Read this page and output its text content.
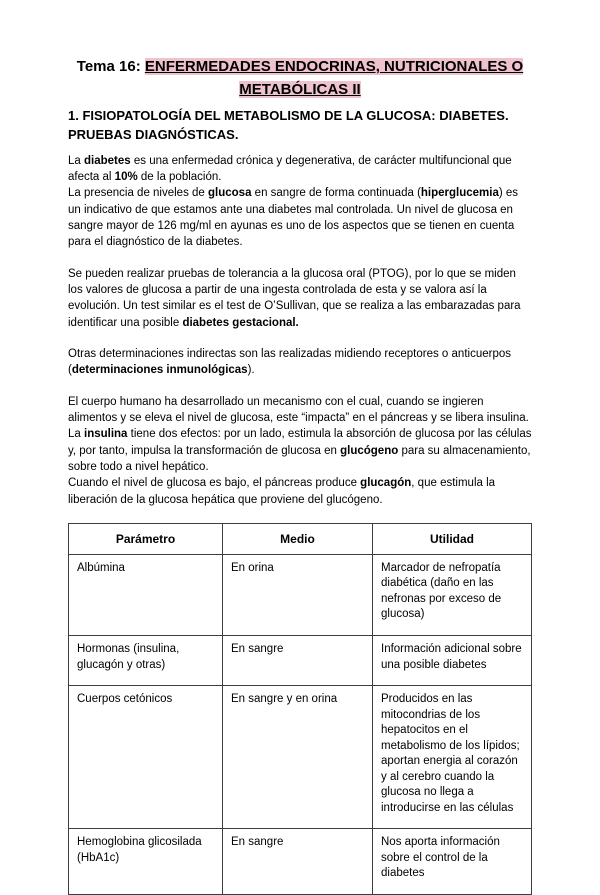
Tema 16: ENFERMEDADES ENDOCRINAS, NUTRICIONALES O METABÓLICAS II
1. FISIOPATOLOGÍA DEL METABOLISMO DE LA GLUCOSA: DIABETES. PRUEBAS DIAGNÓSTICAS.

La diabetes es una enfermedad crónica y degenerativa, de carácter multifuncional que afecta al 10% de la población.

La presencia de niveles de glucosa en sangre de forma continuada (hiperglucemia) es un indicativo de que estamos ante una diabetes mal controlada. Un nivel de glucosa en sangre mayor de 126 mg/ml en ayunas es uno de los aspectos que se tienen en cuenta para el diagnóstico de la diabetes.

Se pueden realizar pruebas de tolerancia a la glucosa oral (PTOG), por lo que se miden los valores de glucosa a partir de una ingesta controlada de esta y se valora así la evolución. Un test similar es el test de O’Sullivan, que se realiza a las embarazadas para identificar una posible diabetes gestacional.

Otras determinaciones indirectas son las realizadas midiendo receptores o anticuerpos (determinaciones inmunológicas).

El cuerpo humano ha desarrollado un mecanismo con el cual, cuando se ingieren alimentos y se eleva el nivel de glucosa, este “impacta” en el páncreas y se libera insulina. La insulina tiene dos efectos: por un lado, estimula la absorción de glucosa por las células y, por tanto, impulsa la transformación de glucosa en glucógeno para su almacenamiento, sobre todo a nivel hepático.

Cuando el nivel de glucosa es bajo, el páncreas produce glucagón, que estimula la liberación de la glucosa hepática que proviene del glucógeno.

Parámetro	Medio	Utilidad
Albúmina	En orina	Marcador de nefropatía diabética (daño en las nefronas por exceso de glucosa)
Hormonas (insulina, glucagón y otras)	En sangre	Información adicional sobre una posible diabetes
Cuerpos cetónicos	En sangre y en orina	Producidos en las mitocondrias de los hepatocitos en el metabolismo de los lípidos; aportan energia al corazón y al cerebro cuando la glucosa no llega a introducirse en las células
Hemoglobina glicosilada (HbA1c)	En sangre	Nos aporta información sobre el control de la diabetes
